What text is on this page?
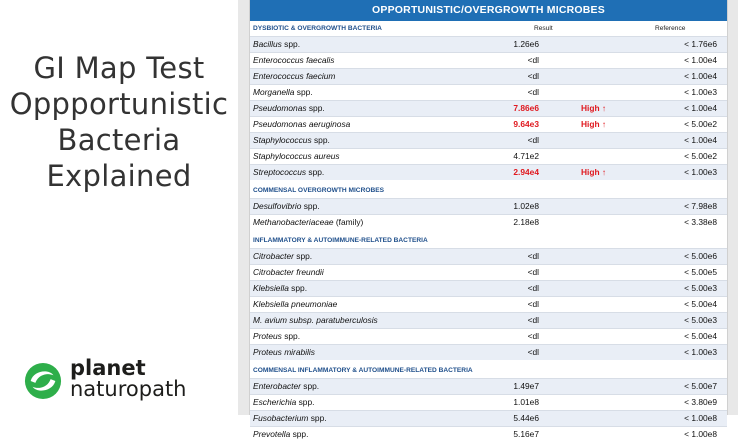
GI Map Test
Oppportunistic
Bacteria
Explained
planet
naturopath
OPPORTUNISTIC/OVERGROWTH MICROBES
DYSBIOTIC & OVERGROWTH BACTERIA	Result	Reference
Bacillus spp.	1.26e6	< 1.76e6
Enterococcus faecalis	<dl	< 1.00e4
Enterococcus faecium	<dl	< 1.00e4
Morganella spp.	<dl	< 1.00e3
Pseudomonas spp.	7.86e6	High ↑	< 1.00e4
Pseudomonas aeruginosa	9.64e3	High ↑	< 5.00e2
Staphylococcus spp.	<dl	< 1.00e4
Staphylococcus aureus	4.71e2	< 5.00e2
Streptococcus spp.	2.94e4	High ↑	< 1.00e3
COMMENSAL OVERGROWTH MICROBES
Desulfovibrio spp.	1.02e8	< 7.98e8
Methanobacteriaceae (family)	2.18e8	< 3.38e8
INFLAMMATORY & AUTOIMMUNE-RELATED BACTERIA
Citrobacter spp.	<dl	< 5.00e6
Citrobacter freundii	<dl	< 5.00e5
Klebsiella spp.	<dl	< 5.00e3
Klebsiella pneumoniae	<dl	< 5.00e4
M. avium subsp. paratuberculosis	<dl	< 5.00e3
Proteus spp.	<dl	< 5.00e4
Proteus mirabilis	<dl	< 1.00e3
COMMENSAL INFLAMMATORY & AUTOIMMUNE-RELATED BACTERIA
Enterobacter spp.	1.49e7	< 5.00e7
Escherichia spp.	1.01e8	< 3.80e9
Fusobacterium spp.	5.44e6	< 1.00e8
Prevotella spp.	5.16e7	< 1.00e8
